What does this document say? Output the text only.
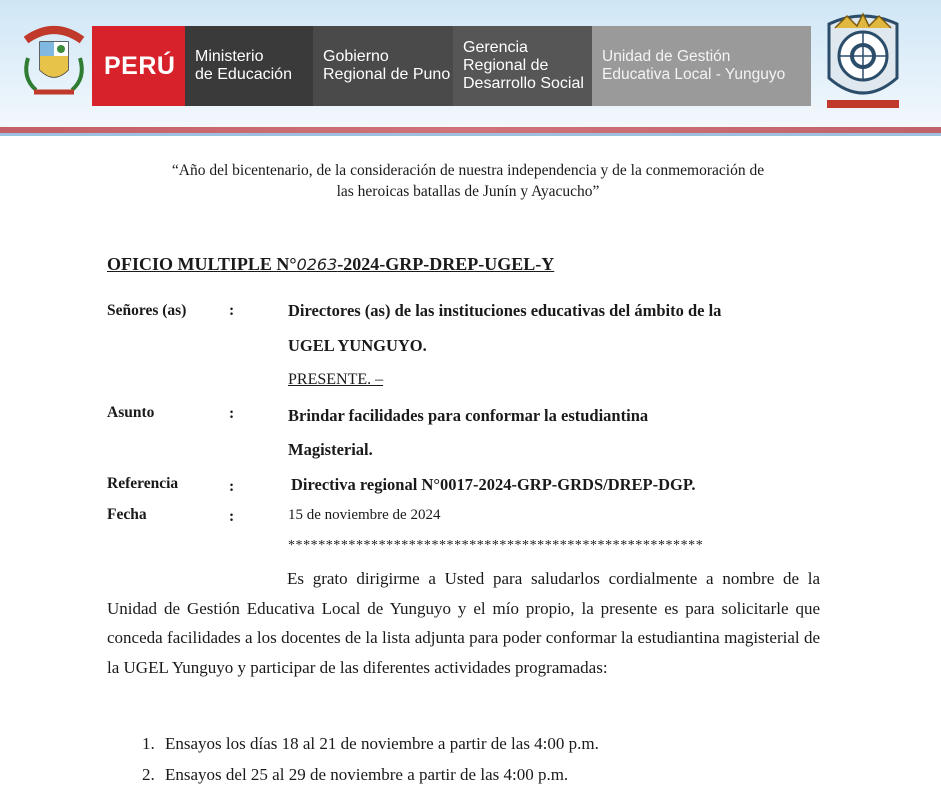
PERÚ	Ministerio
de Educación
Gobierno
Regional de Puno
Gerencia
Regional de
Desarrollo Social
Unidad de Gestión
Educativa Local - Yunguyo
“Año del bicentenario, de la consideración de nuestra independencia y de la conmemoración de
las heroicas batallas de Junín y Ayacucho”
OFICIO MULTIPLE N°0263-2024-GRP-DREP-UGEL-Y
Señores (as)	:	Directores (as) de las instituciones educativas del ámbito de la
UGEL YUNGUYO.
PRESENTE. –
Asunto	:	Brindar facilidades para conformar la estudiantina
Magisterial.
Referencia	:	Directiva regional N°0017-2024-GRP-GRDS/DREP-DGP.
Fecha	:	15 de noviembre de 2024
*******************************************************
Es grato dirigirme a Usted para saludarlos cordialmente a nombre de la Unidad de Gestión Educativa Local de Yunguyo y el mío propio, la presente es para solicitarle que conceda facilidades a los docentes de la lista adjunta para poder conformar la estudiantina magisterial de la UGEL Yunguyo y participar de las diferentes actividades programadas:
1. Ensayos los días 18 al 21 de noviembre a partir de las 4:00 p.m.
2. Ensayos del 25 al 29 de noviembre a partir de las 4:00 p.m.
